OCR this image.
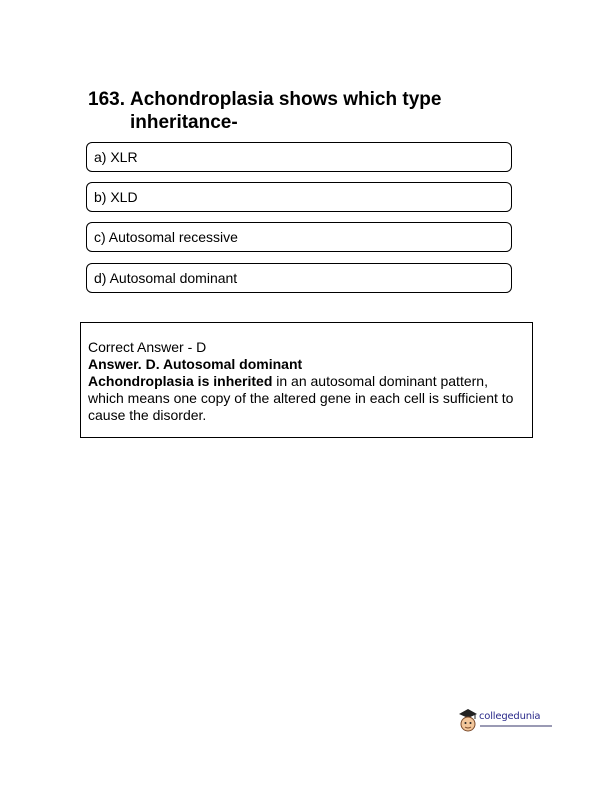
163. Achondroplasia shows which type
inheritance-
a) XLR
b) XLD
c) Autosomal recessive
d) Autosomal dominant
Correct Answer - D
Answer. D. Autosomal dominant
Achondroplasia is inherited in an autosomal dominant pattern,
which means one copy of the altered gene in each cell is sufficient to
cause the disorder.
collegedunia
